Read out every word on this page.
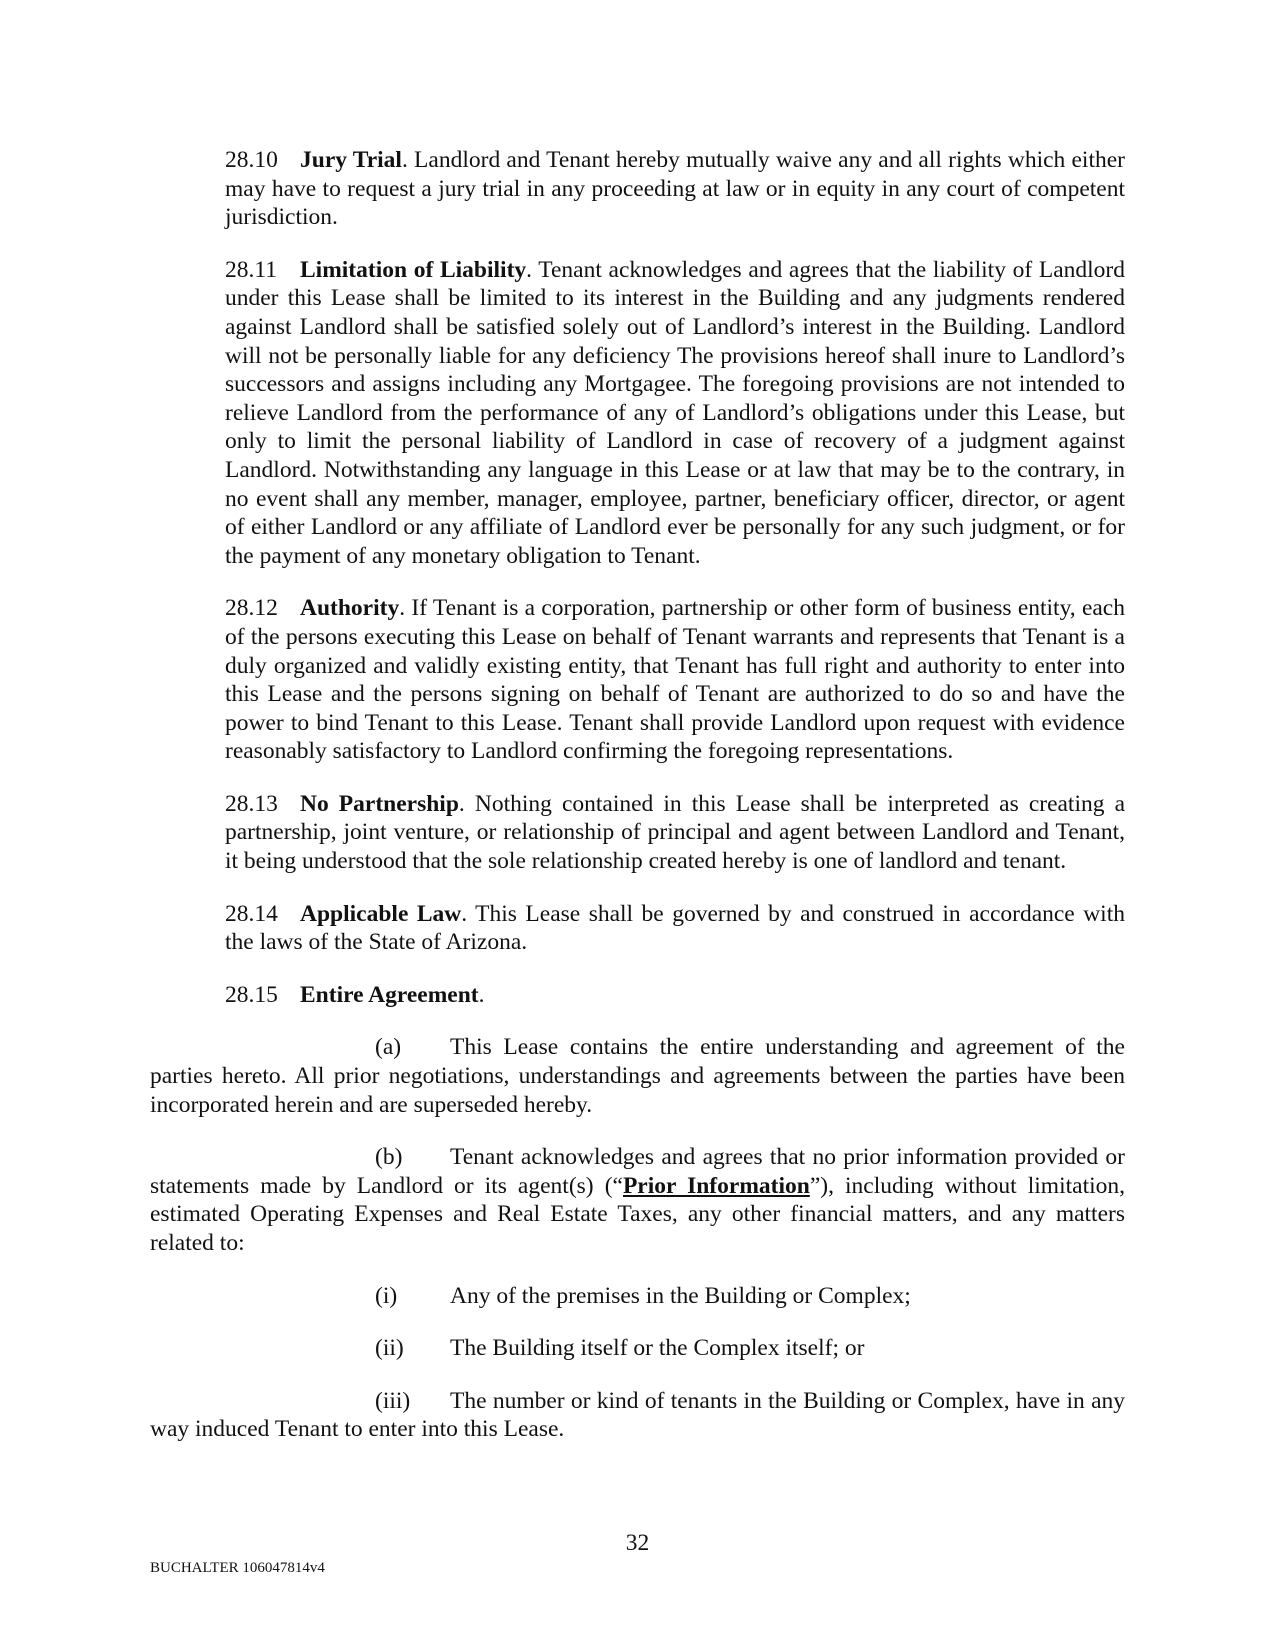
28.10 Jury Trial. Landlord and Tenant hereby mutually waive any and all rights which either may have to request a jury trial in any proceeding at law or in equity in any court of competent jurisdiction.

28.11 Limitation of Liability. Tenant acknowledges and agrees that the liability of Landlord under this Lease shall be limited to its interest in the Building and any judgments rendered against Landlord shall be satisfied solely out of Landlord’s interest in the Building. Landlord will not be personally liable for any deficiency The provisions hereof shall inure to Landlord’s successors and assigns including any Mortgagee. The foregoing provisions are not intended to relieve Landlord from the performance of any of Landlord’s obligations under this Lease, but only to limit the personal liability of Landlord in case of recovery of a judgment against Landlord. Notwithstanding any language in this Lease or at law that may be to the contrary, in no event shall any member, manager, employee, partner, beneficiary officer, director, or agent of either Landlord or any affiliate of Landlord ever be personally for any such judgment, or for the payment of any monetary obligation to Tenant.

28.12 Authority. If Tenant is a corporation, partnership or other form of business entity, each of the persons executing this Lease on behalf of Tenant warrants and represents that Tenant is a duly organized and validly existing entity, that Tenant has full right and authority to enter into this Lease and the persons signing on behalf of Tenant are authorized to do so and have the power to bind Tenant to this Lease. Tenant shall provide Landlord upon request with evidence reasonably satisfactory to Landlord confirming the foregoing representations.

28.13 No Partnership. Nothing contained in this Lease shall be interpreted as creating a partnership, joint venture, or relationship of principal and agent between Landlord and Tenant, it being understood that the sole relationship created hereby is one of landlord and tenant.

28.14 Applicable Law. This Lease shall be governed by and construed in accordance with the laws of the State of Arizona.

28.15 Entire Agreement.

(a) This Lease contains the entire understanding and agreement of the parties hereto. All prior negotiations, understandings and agreements between the parties have been incorporated herein and are superseded hereby.

(b) Tenant acknowledges and agrees that no prior information provided or statements made by Landlord or its agent(s) (“Prior Information”), including without limitation, estimated Operating Expenses and Real Estate Taxes, any other financial matters, and any matters related to:

(i)	Any of the premises in the Building or Complex;

(ii)	The Building itself or the Complex itself; or

(iii) The number or kind of tenants in the Building or Complex, have in any way induced Tenant to enter into this Lease.

32
BUCHALTER 106047814v4
